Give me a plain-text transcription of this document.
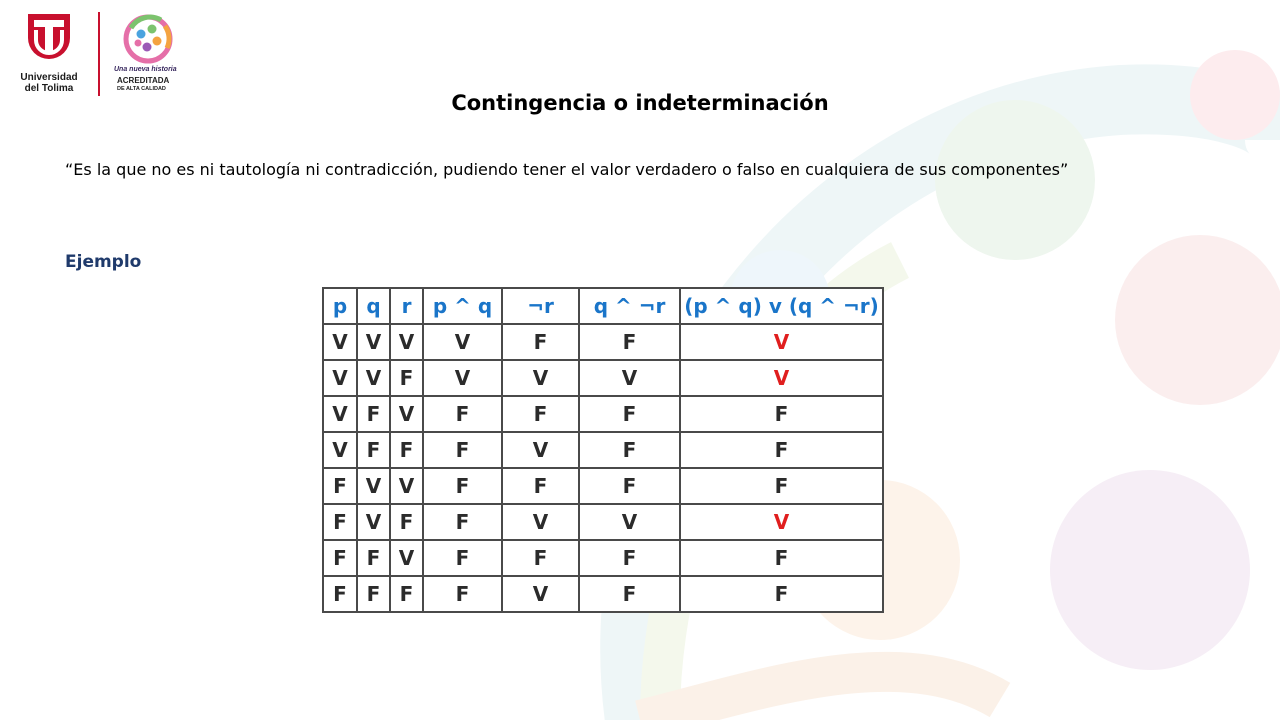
Universidad
del Tolima
Una nueva historia
ACREDITADA
DE ALTA CALIDAD
Contingencia o indeterminación

“Es la que no es ni tautología ni contradicción, pudiendo tener el valor verdadero o falso en cualquiera de sus componentes”

Ejemplo

p	q	r	p ^ q	¬r	q ^ ¬r	(p ^ q) v (q ^ ¬r)
V	V	V	V	F	F	V
V	V	F	V	V	V	V
V	F	V	F	F	F	F
V	F	F	F	V	F	F
F	V	V	F	F	F	F
F	V	F	F	V	V	V
F	F	V	F	F	F	F
F	F	F	F	V	F	F
